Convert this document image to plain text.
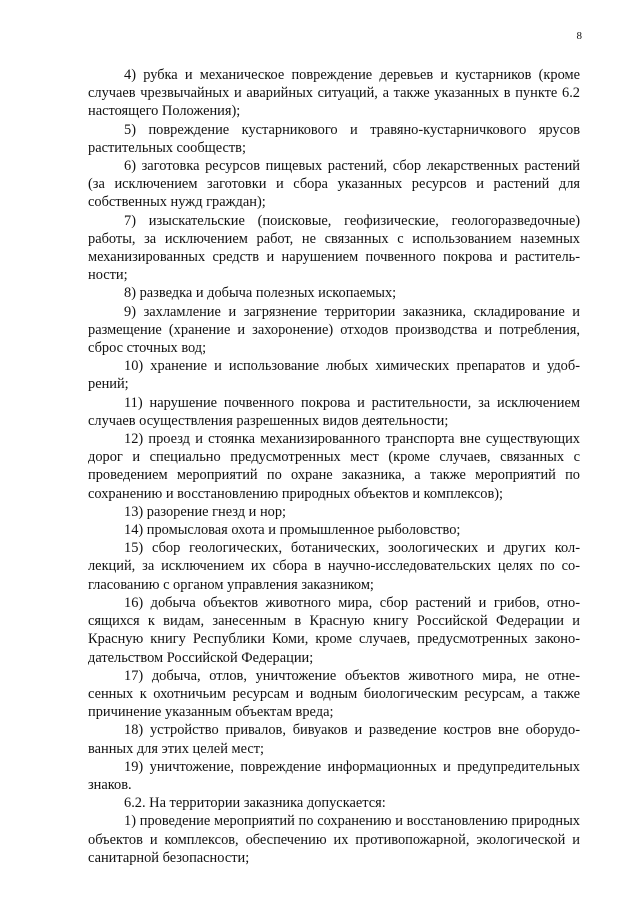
8

4) рубка и механическое повреждение деревьев и кустарников (кроме случаев чрезвычайных и аварийных ситуаций, а также указанных в пункте 6.2 настоящего Положения);

5) повреждение кустарникового и травяно-кустарничкового ярусов растительных сообществ;

6) заготовка ресурсов пищевых растений, сбор лекарственных растений (за исключением заготовки и сбора указанных ресурсов и растений для собственных нужд граждан);

7) изыскательские (поисковые, геофизические, геологоразведочные) работы, за исключением работ, не связанных с использованием наземных механизированных средств и нарушением почвенного покрова и растительности;

8) разведка и добыча полезных ископаемых;

9) захламление и загрязнение территории заказника, складирование и размещение (хранение и захоронение) отходов производства и потребления, сброс сточных вод;

10) хранение и использование любых химических препаратов и удобрений;

11) нарушение почвенного покрова и растительности, за исключением случаев осуществления разрешенных видов деятельности;

12) проезд и стоянка механизированного транспорта вне существующих дорог и специально предусмотренных мест (кроме случаев, связанных с проведением мероприятий по охране заказника, а также мероприятий по сохранению и восстановлению природных объектов и комплексов);

13) разорение гнезд и нор;

14) промысловая охота и промышленное рыболовство;

15) сбор геологических, ботанических, зоологических и других коллекций, за исключением их сбора в научно-исследовательских целях по согласованию с органом управления заказником;

16) добыча объектов животного мира, сбор растений и грибов, относящихся к видам, занесенным в Красную книгу Российской Федерации и Красную книгу Республики Коми, кроме случаев, предусмотренных законодательством Российской Федерации;

17) добыча, отлов, уничтожение объектов животного мира, не отнесенных к охотничьим ресурсам и водным биологическим ресурсам, а также причинение указанным объектам вреда;

18) устройство привалов, бивуаков и разведение костров вне оборудованных для этих целей мест;

19) уничтожение, повреждение информационных и предупредительных знаков.

6.2. На территории заказника допускается:

1) проведение мероприятий по сохранению и восстановлению природных объектов и комплексов, обеспечению их противопожарной, экологической и санитарной безопасности;
